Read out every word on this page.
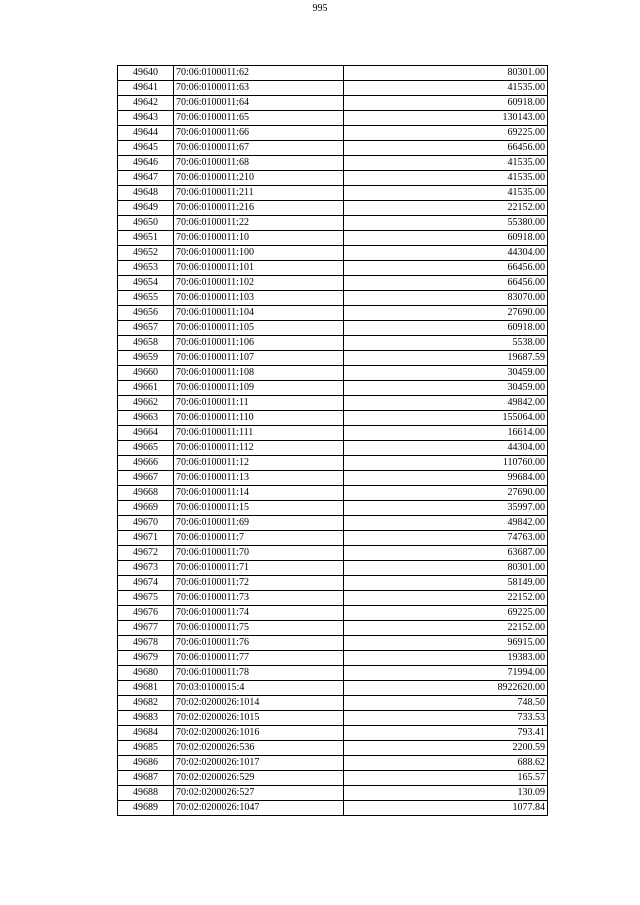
995
49640	70:06:0100011:62	80301.00
49641	70:06:0100011:63	41535.00
49642	70:06:0100011:64	60918.00
49643	70:06:0100011:65	130143.00
49644	70:06:0100011:66	69225.00
49645	70:06:0100011:67	66456.00
49646	70:06:0100011:68	41535.00
49647	70:06:0100011:210	41535.00
49648	70:06:0100011:211	41535.00
49649	70:06:0100011:216	22152.00
49650	70:06:0100011:22	55380.00
49651	70:06:0100011:10	60918.00
49652	70:06:0100011:100	44304.00
49653	70:06:0100011:101	66456.00
49654	70:06:0100011:102	66456.00
49655	70:06:0100011:103	83070.00
49656	70:06:0100011:104	27690.00
49657	70:06:0100011:105	60918.00
49658	70:06:0100011:106	5538.00
49659	70:06:0100011:107	19687.59
49660	70:06:0100011:108	30459.00
49661	70:06:0100011:109	30459.00
49662	70:06:0100011:11	49842.00
49663	70:06:0100011:110	155064.00
49664	70:06:0100011:111	16614.00
49665	70:06:0100011:112	44304.00
49666	70:06:0100011:12	110760.00
49667	70:06:0100011:13	99684.00
49668	70:06:0100011:14	27690.00
49669	70:06:0100011:15	35997.00
49670	70:06:0100011:69	49842.00
49671	70:06:0100011:7	74763.00
49672	70:06:0100011:70	63687.00
49673	70:06:0100011:71	80301.00
49674	70:06:0100011:72	58149.00
49675	70:06:0100011:73	22152.00
49676	70:06:0100011:74	69225.00
49677	70:06:0100011:75	22152.00
49678	70:06:0100011:76	96915.00
49679	70:06:0100011:77	19383.00
49680	70:06:0100011:78	71994.00
49681	70:03:0100015:4	8922620.00
49682	70:02:0200026:1014	748.50
49683	70:02:0200026:1015	733.53
49684	70:02:0200026:1016	793.41
49685	70:02:0200026:536	2200.59
49686	70:02:0200026:1017	688.62
49687	70:02:0200026:529	165.57
49688	70:02:0200026:527	130.09
49689	70:02:0200026:1047	1077.84
